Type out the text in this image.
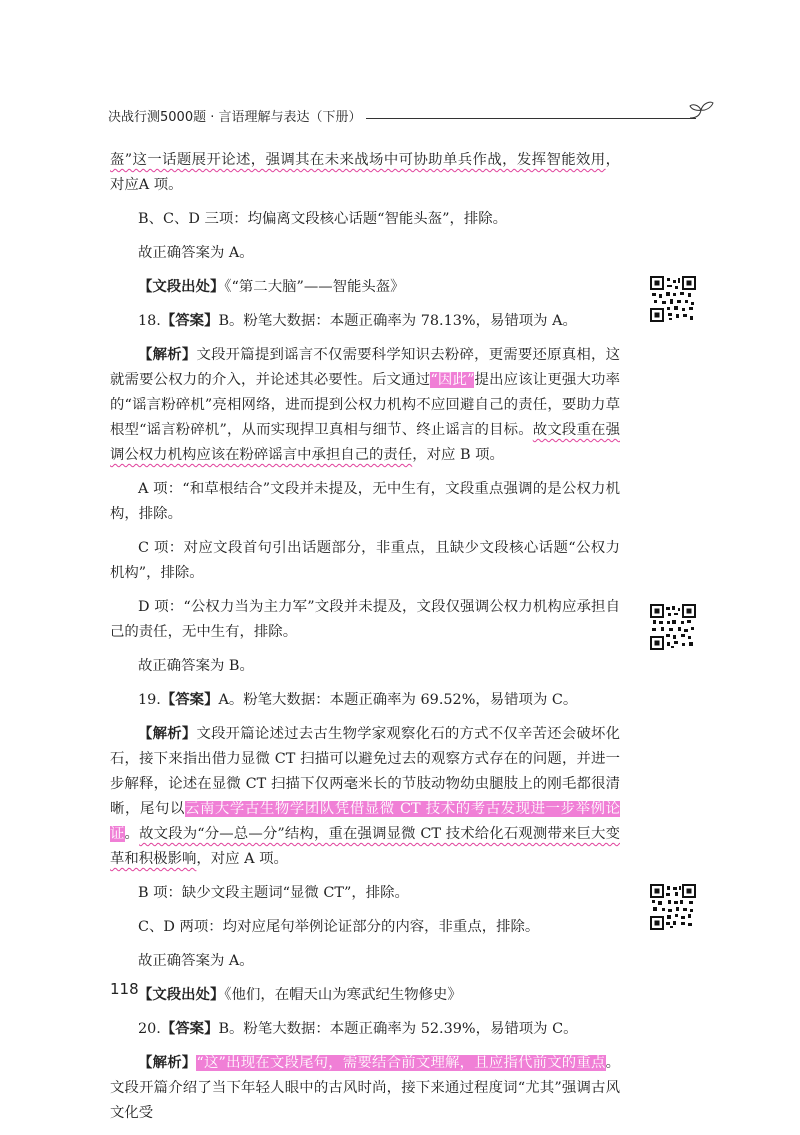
决战行测5000题 · 言语理解与表达（下册）

盔”这一话题展开论述，强调其在未来战场中可协助单兵作战，发挥智能效用，对应A 项。

B、C、D 三项：均偏离文段核心话题“智能头盔”，排除。

故正确答案为 A。

【文段出处】《“第二大脑”——智能头盔》

18.【答案】B。粉笔大数据：本题正确率为 78.13%，易错项为 A。

【解析】文段开篇提到谣言不仅需要科学知识去粉碎，更需要还原真相，这就需要公权力的介入，并论述其必要性。后文通过“因此”提出应该让更强大功率的“谣言粉碎机”亮相网络，进而提到公权力机构不应回避自己的责任，要助力草根型“谣言粉碎机”，从而实现捍卫真相与细节、终止谣言的目标。故文段重在强调公权力机构应该在粉碎谣言中承担自己的责任，对应 B 项。

A 项：“和草根结合”文段并未提及，无中生有，文段重点强调的是公权力机构，排除。

C 项：对应文段首句引出话题部分，非重点，且缺少文段核心话题“公权力机构”，排除。

D 项：“公权力当为主力军”文段并未提及，文段仅强调公权力机构应承担自己的责任，无中生有，排除。

故正确答案为 B。

19.【答案】A。粉笔大数据：本题正确率为 69.52%，易错项为 C。

【解析】文段开篇论述过去古生物学家观察化石的方式不仅辛苦还会破坏化石，接下来指出借力显微 CT 扫描可以避免过去的观察方式存在的问题，并进一步解释，论述在显微 CT 扫描下仅两毫米长的节肢动物幼虫腿肢上的刚毛都很清晰，尾句以云南大学古生物学团队凭借显微 CT 技术的考古发现进一步举例论证。故文段为“分—总—分”结构，重在强调显微 CT 技术给化石观测带来巨大变革和积极影响，对应 A 项。

B 项：缺少文段主题词“显微 CT”，排除。

C、D 两项：均对应尾句举例论证部分的内容，非重点，排除。

故正确答案为 A。

【文段出处】《他们，在帽天山为寒武纪生物修史》

20.【答案】B。粉笔大数据：本题正确率为 52.39%，易错项为 C。

【解析】“这”出现在文段尾句，需要结合前文理解，且应指代前文的重点。文段开篇介绍了当下年轻人眼中的古风时尚，接下来通过程度词“尤其”强调古风文化受

118
